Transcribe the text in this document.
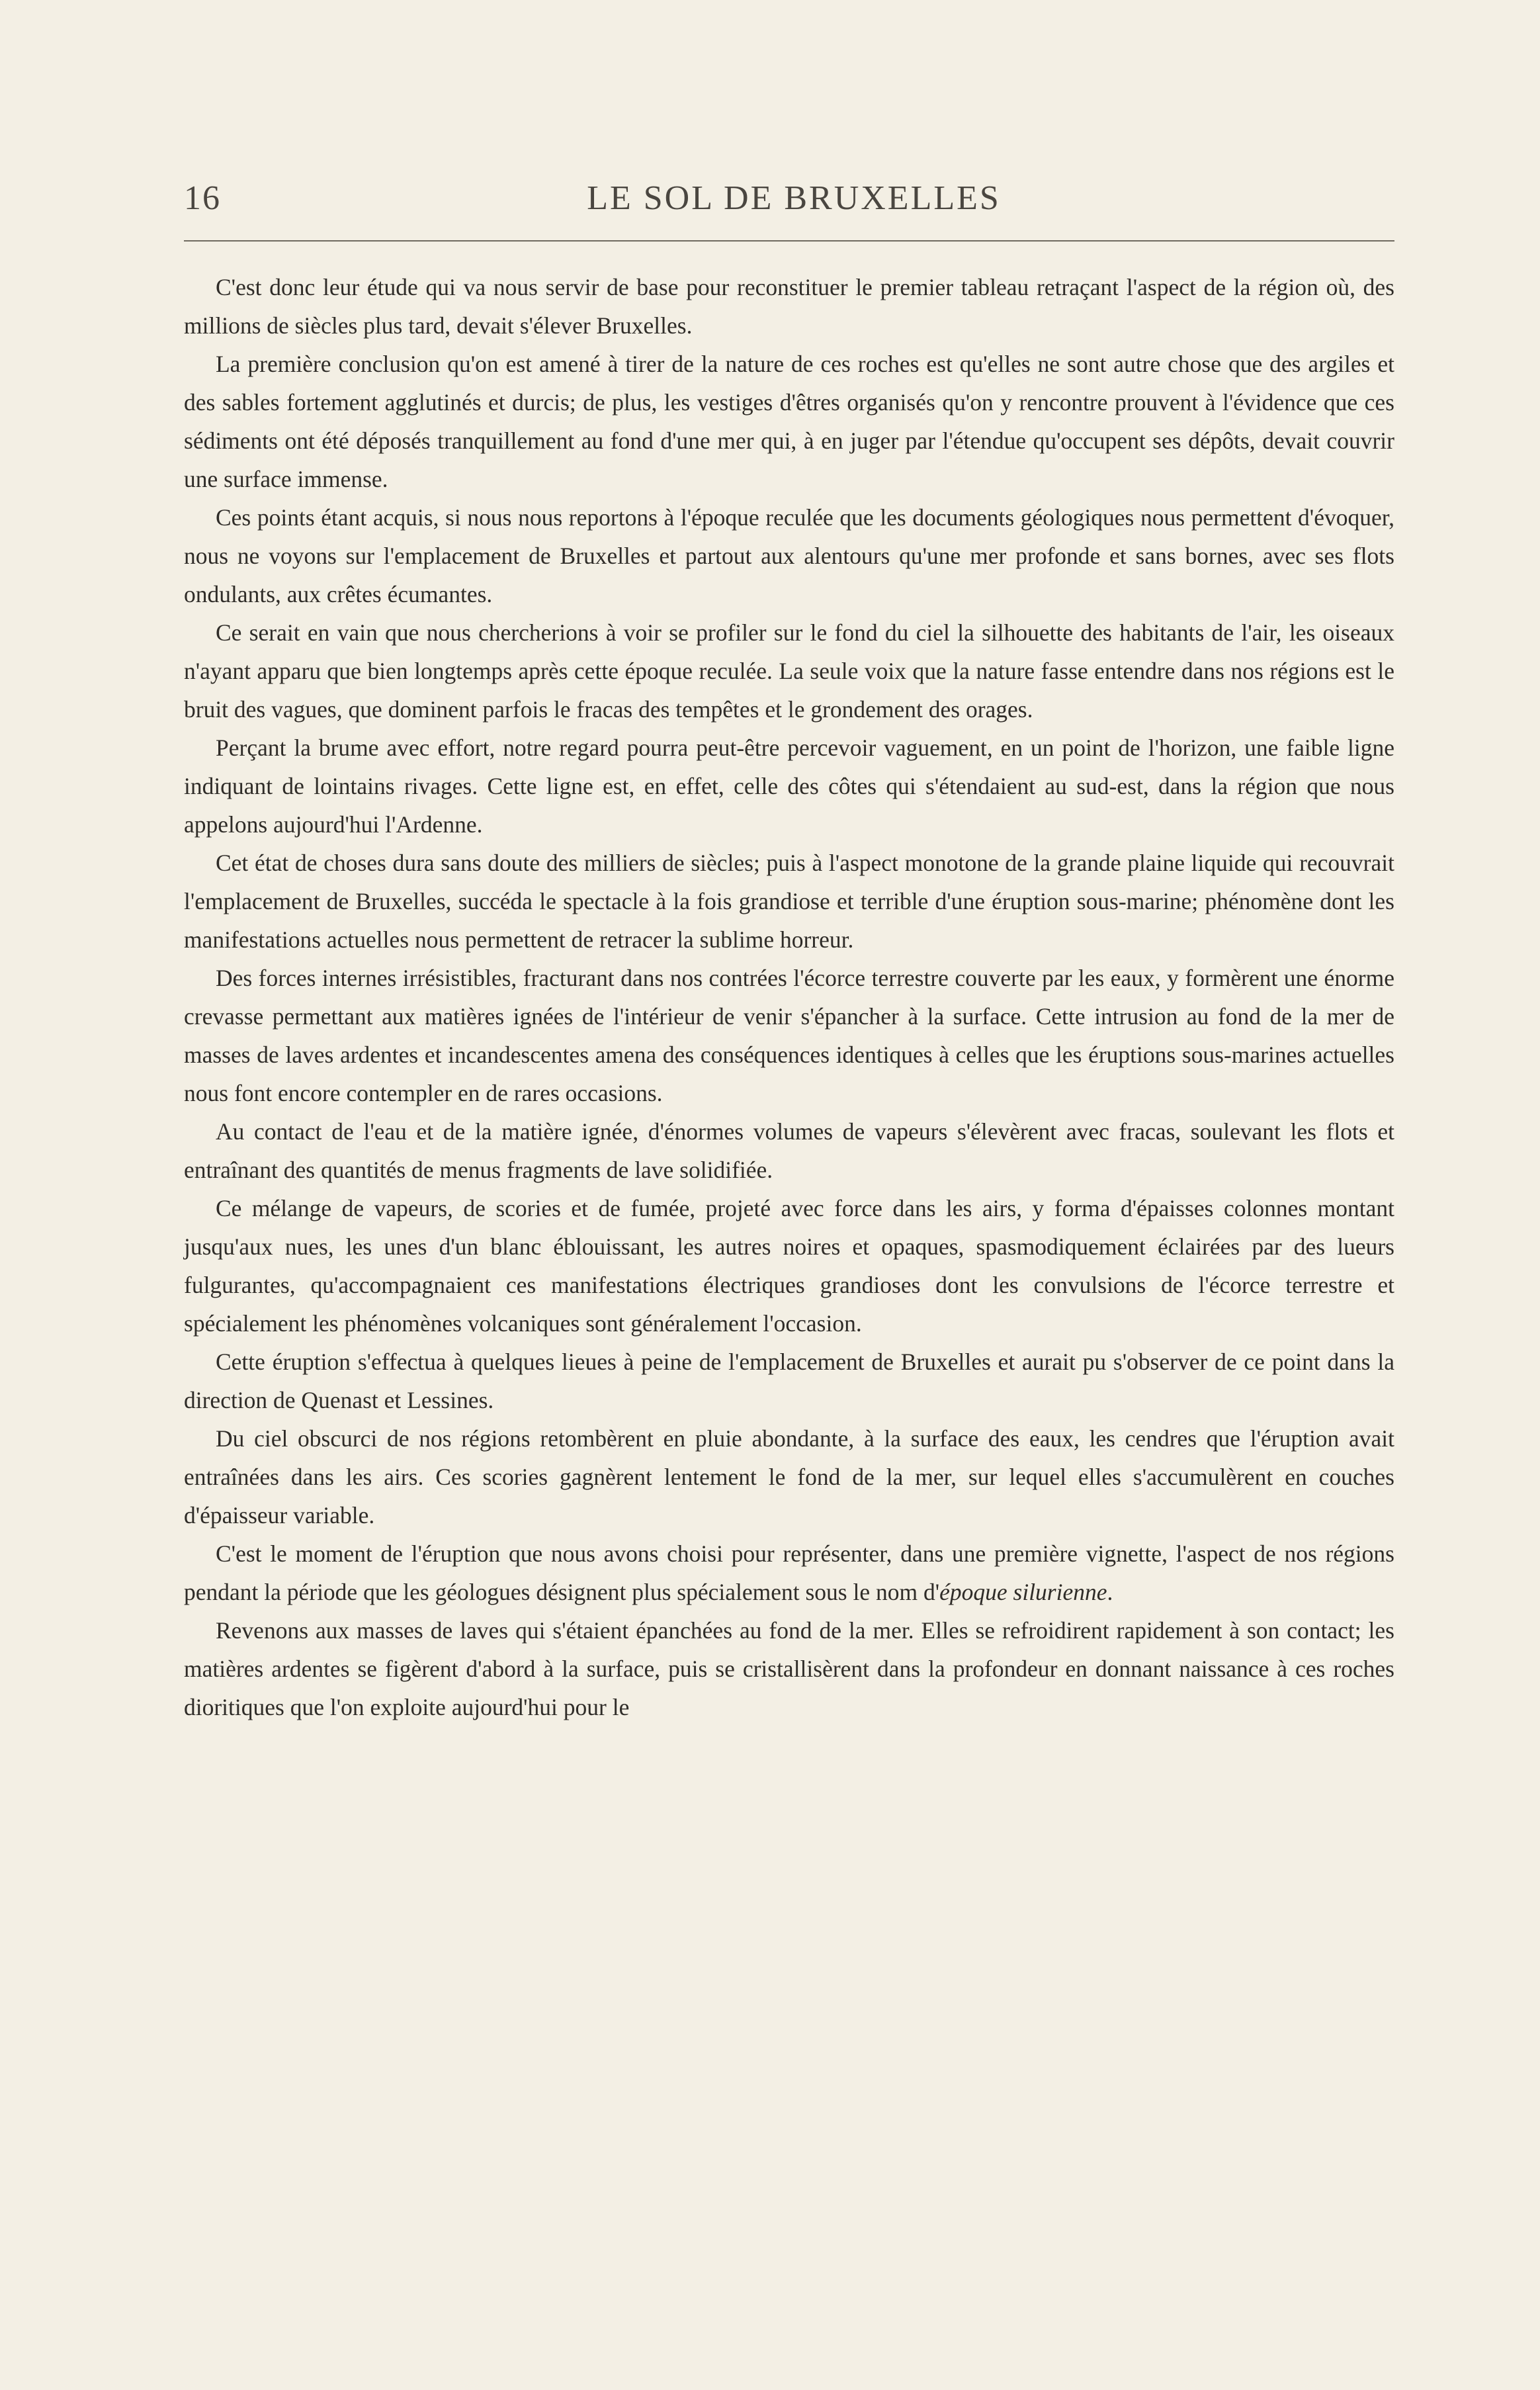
16	LE SOL DE BRUXELLES

C'est donc leur étude qui va nous servir de base pour reconstituer le premier tableau retraçant l'aspect de la région où, des millions de siècles plus tard, devait s'élever Bruxelles.

La première conclusion qu'on est amené à tirer de la nature de ces roches est qu'elles ne sont autre chose que des argiles et des sables fortement agglutinés et durcis; de plus, les vestiges d'êtres organisés qu'on y rencontre prouvent à l'évidence que ces sédiments ont été déposés tranquillement au fond d'une mer qui, à en juger par l'étendue qu'occupent ses dépôts, devait couvrir une surface immense.

Ces points étant acquis, si nous nous reportons à l'époque reculée que les documents géologiques nous permettent d'évoquer, nous ne voyons sur l'emplacement de Bruxelles et partout aux alentours qu'une mer profonde et sans bornes, avec ses flots ondulants, aux crêtes écumantes.

Ce serait en vain que nous chercherions à voir se profiler sur le fond du ciel la silhouette des habitants de l'air, les oiseaux n'ayant apparu que bien longtemps après cette époque reculée. La seule voix que la nature fasse entendre dans nos régions est le bruit des vagues, que dominent parfois le fracas des tempêtes et le grondement des orages.

Perçant la brume avec effort, notre regard pourra peut-être percevoir vaguement, en un point de l'horizon, une faible ligne indiquant de lointains rivages. Cette ligne est, en effet, celle des côtes qui s'étendaient au sud-est, dans la région que nous appelons aujourd'hui l'Ardenne.

Cet état de choses dura sans doute des milliers de siècles; puis à l'aspect monotone de la grande plaine liquide qui recouvrait l'emplacement de Bruxelles, succéda le spectacle à la fois grandiose et terrible d'une éruption sous-marine; phénomène dont les manifestations actuelles nous permettent de retracer la sublime horreur.

Des forces internes irrésistibles, fracturant dans nos contrées l'écorce terrestre couverte par les eaux, y formèrent une énorme crevasse permettant aux matières ignées de l'intérieur de venir s'épancher à la surface. Cette intrusion au fond de la mer de masses de laves ardentes et incandescentes amena des conséquences identiques à celles que les éruptions sous-marines actuelles nous font encore contempler en de rares occasions.

Au contact de l'eau et de la matière ignée, d'énormes volumes de vapeurs s'élevèrent avec fracas, soulevant les flots et entraînant des quantités de menus fragments de lave solidifiée.

Ce mélange de vapeurs, de scories et de fumée, projeté avec force dans les airs, y forma d'épaisses colonnes montant jusqu'aux nues, les unes d'un blanc éblouissant, les autres noires et opaques, spasmodiquement éclairées par des lueurs fulgurantes, qu'accompagnaient ces manifestations électriques grandioses dont les convulsions de l'écorce terrestre et spécialement les phénomènes volcaniques sont généralement l'occasion.

Cette éruption s'effectua à quelques lieues à peine de l'emplacement de Bruxelles et aurait pu s'observer de ce point dans la direction de Quenast et Lessines.

Du ciel obscurci de nos régions retombèrent en pluie abondante, à la surface des eaux, les cendres que l'éruption avait entraînées dans les airs. Ces scories gagnèrent lentement le fond de la mer, sur lequel elles s'accumulèrent en couches d'épaisseur variable.

C'est le moment de l'éruption que nous avons choisi pour représenter, dans une première vignette, l'aspect de nos régions pendant la période que les géologues désignent plus spécialement sous le nom d'époque silurienne.

Revenons aux masses de laves qui s'étaient épanchées au fond de la mer. Elles se refroidirent rapidement à son contact; les matières ardentes se figèrent d'abord à la surface, puis se cristallisèrent dans la profondeur en donnant naissance à ces roches dioritiques que l'on exploite aujourd'hui pour le
